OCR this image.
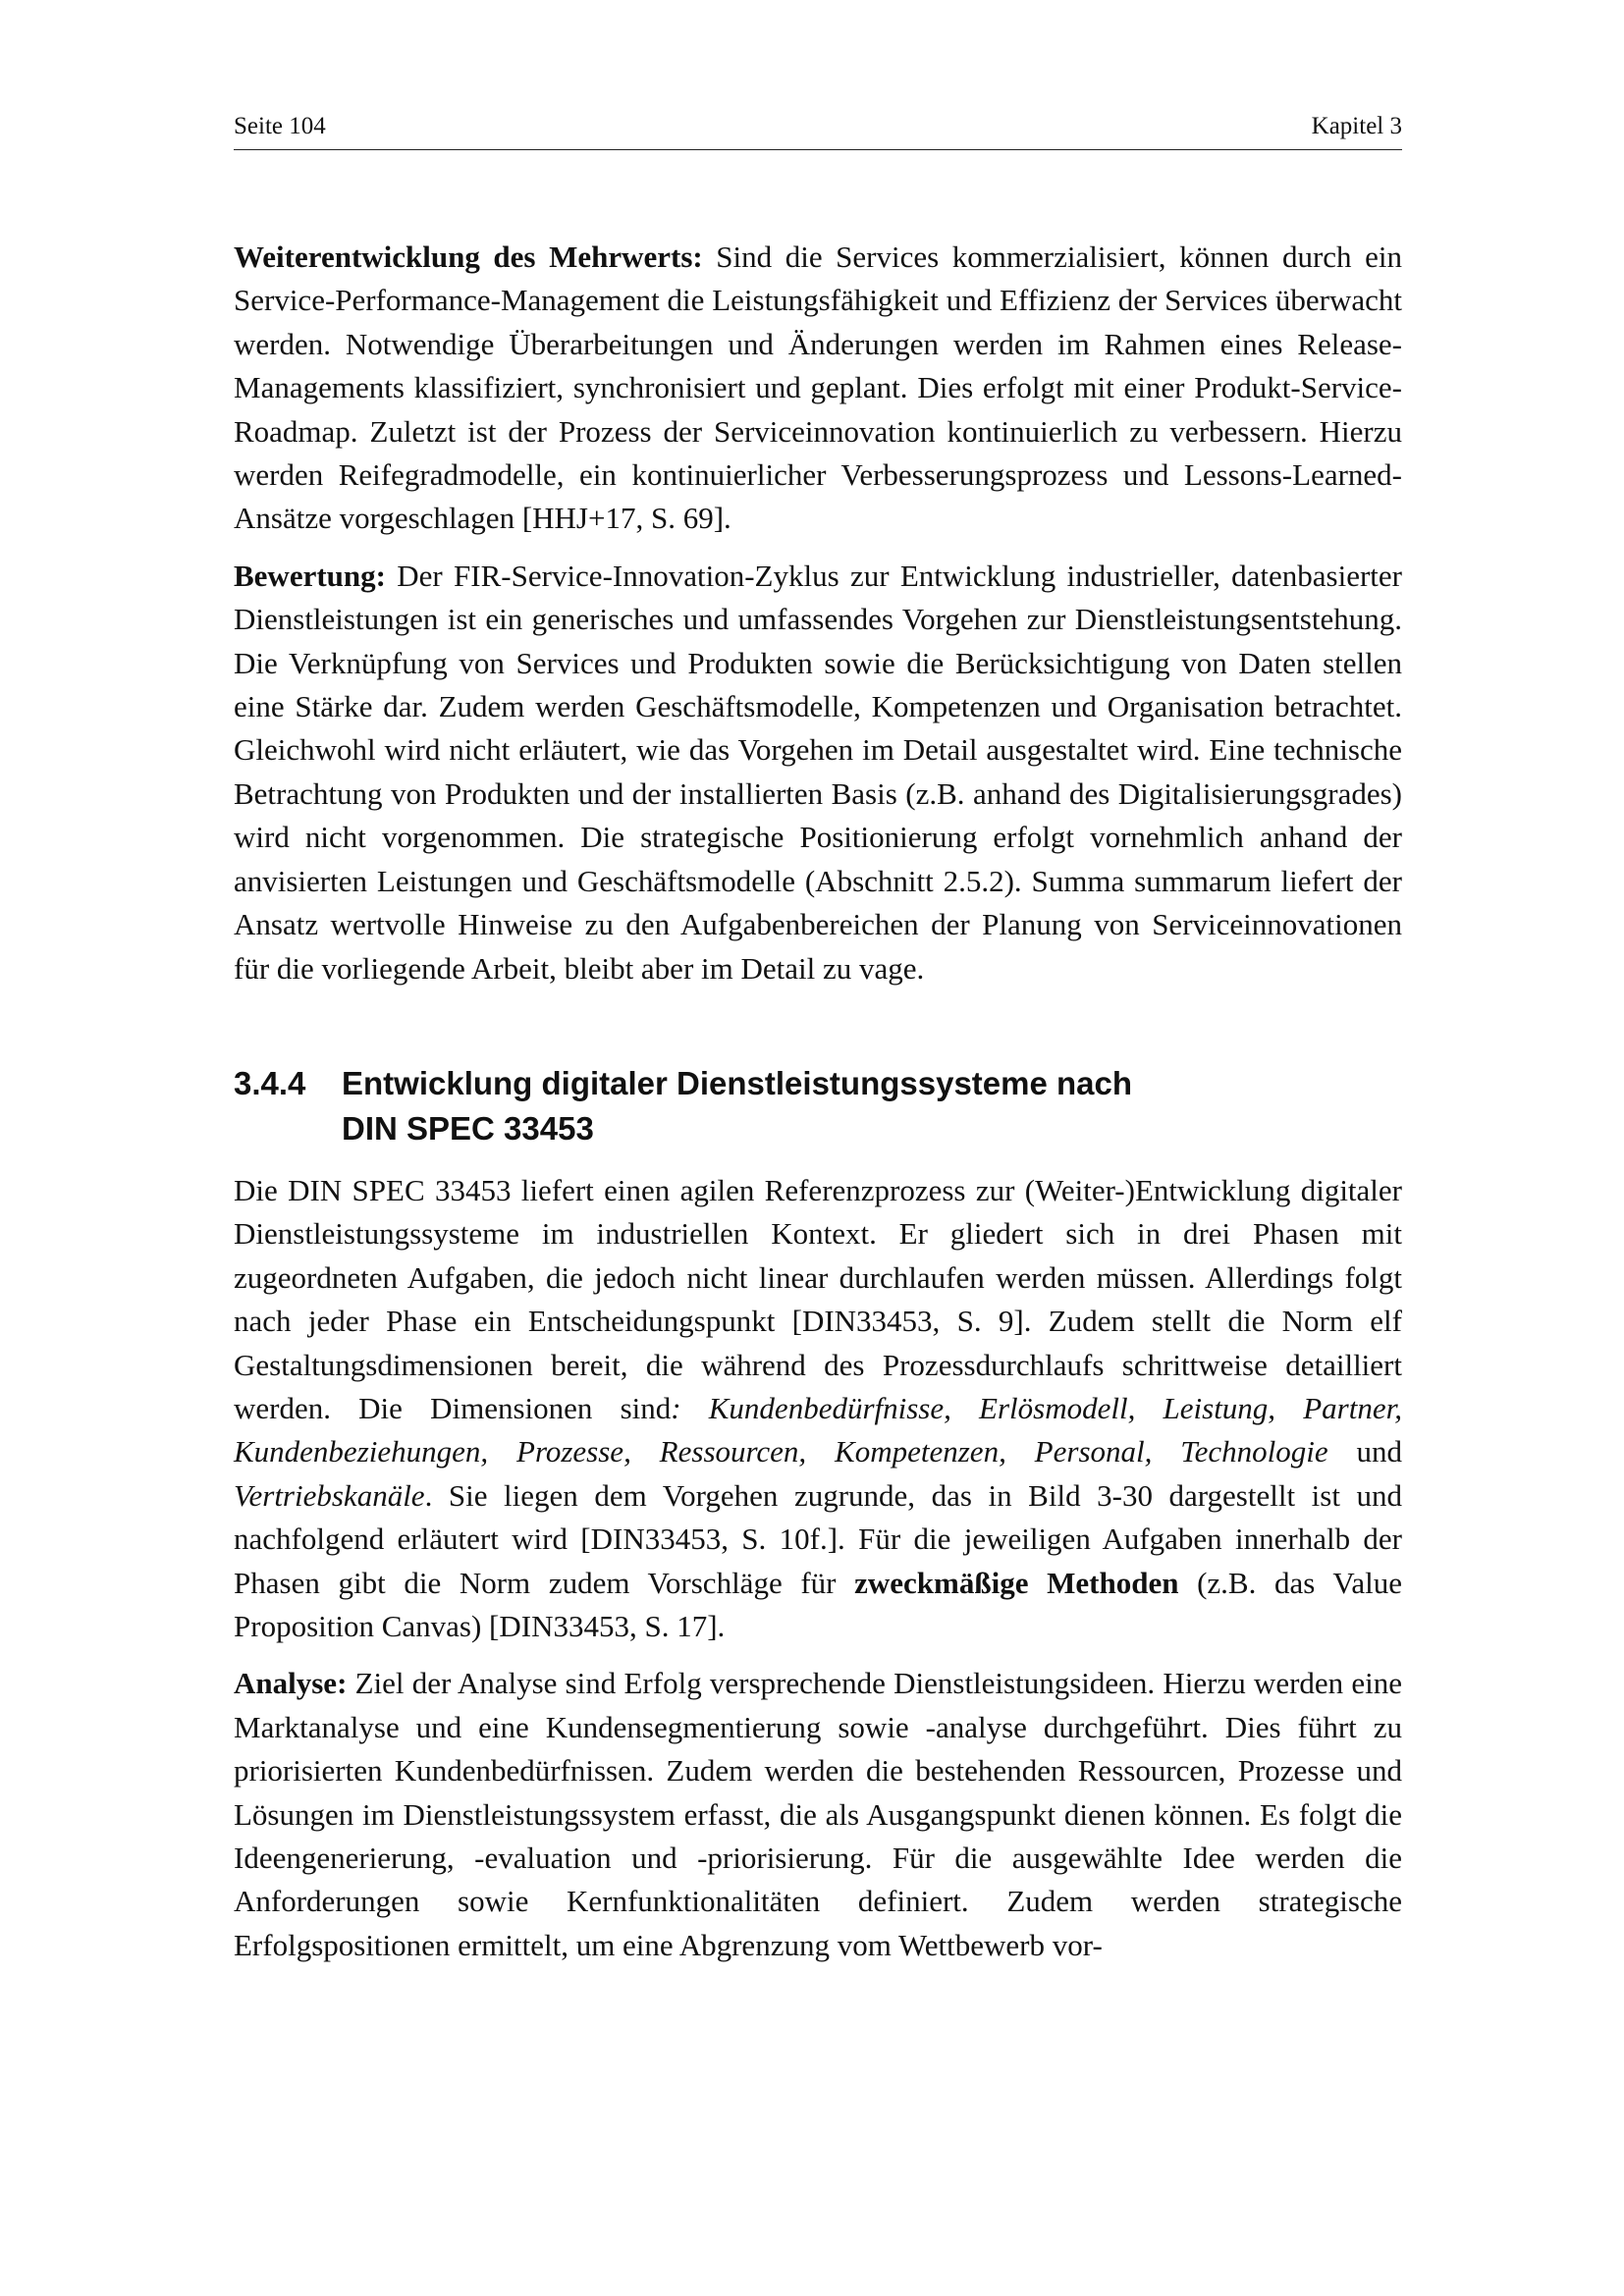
Seite 104	Kapitel 3

Weiterentwicklung des Mehrwerts: Sind die Services kommerzialisiert, können durch ein Service-Performance-Management die Leistungsfähigkeit und Effizienz der Services überwacht werden. Notwendige Überarbeitungen und Änderungen werden im Rahmen eines Release-Managements klassifiziert, synchronisiert und geplant. Dies erfolgt mit einer Produkt-Service-Roadmap. Zuletzt ist der Prozess der Serviceinnovation kontinuierlich zu verbessern. Hierzu werden Reifegradmodelle, ein kontinuierlicher Verbesserungsprozess und Lessons-Learned-Ansätze vorgeschlagen [HHJ+17, S. 69].

Bewertung: Der FIR-Service-Innovation-Zyklus zur Entwicklung industrieller, datenbasierter Dienstleistungen ist ein generisches und umfassendes Vorgehen zur Dienstleistungsentstehung. Die Verknüpfung von Services und Produkten sowie die Berücksichtigung von Daten stellen eine Stärke dar. Zudem werden Geschäftsmodelle, Kompetenzen und Organisation betrachtet. Gleichwohl wird nicht erläutert, wie das Vorgehen im Detail ausgestaltet wird. Eine technische Betrachtung von Produkten und der installierten Basis (z.B. anhand des Digitalisierungsgrades) wird nicht vorgenommen. Die strategische Positionierung erfolgt vornehmlich anhand der anvisierten Leistungen und Geschäftsmodelle (Abschnitt 2.5.2). Summa summarum liefert der Ansatz wertvolle Hinweise zu den Aufgabenbereichen der Planung von Serviceinnovationen für die vorliegende Arbeit, bleibt aber im Detail zu vage.

3.4.4	Entwicklung digitaler Dienstleistungssysteme nach
DIN SPEC 33453

Die DIN SPEC 33453 liefert einen agilen Referenzprozess zur (Weiter-)Entwicklung digitaler Dienstleistungssysteme im industriellen Kontext. Er gliedert sich in drei Phasen mit zugeordneten Aufgaben, die jedoch nicht linear durchlaufen werden müssen. Allerdings folgt nach jeder Phase ein Entscheidungspunkt [DIN33453, S. 9]. Zudem stellt die Norm elf Gestaltungsdimensionen bereit, die während des Prozessdurchlaufs schrittweise detailliert werden. Die Dimensionen sind: Kundenbedürfnisse, Erlösmodell, Leistung, Partner, Kundenbeziehungen, Prozesse, Ressourcen, Kompetenzen, Personal, Technologie und Vertriebskanäle. Sie liegen dem Vorgehen zugrunde, das in Bild 3-30 dargestellt ist und nachfolgend erläutert wird [DIN33453, S. 10f.]. Für die jeweiligen Aufgaben innerhalb der Phasen gibt die Norm zudem Vorschläge für zweckmäßige Methoden (z.B. das Value Proposition Canvas) [DIN33453, S. 17].

Analyse: Ziel der Analyse sind Erfolg versprechende Dienstleistungsideen. Hierzu werden eine Marktanalyse und eine Kundensegmentierung sowie -analyse durchgeführt. Dies führt zu priorisierten Kundenbedürfnissen. Zudem werden die bestehenden Ressourcen, Prozesse und Lösungen im Dienstleistungssystem erfasst, die als Ausgangspunkt dienen können. Es folgt die Ideengenerierung, -evaluation und -priorisierung. Für die ausgewählte Idee werden die Anforderungen sowie Kernfunktionalitäten definiert. Zudem werden strategische Erfolgspositionen ermittelt, um eine Abgrenzung vom Wettbewerb vor-
